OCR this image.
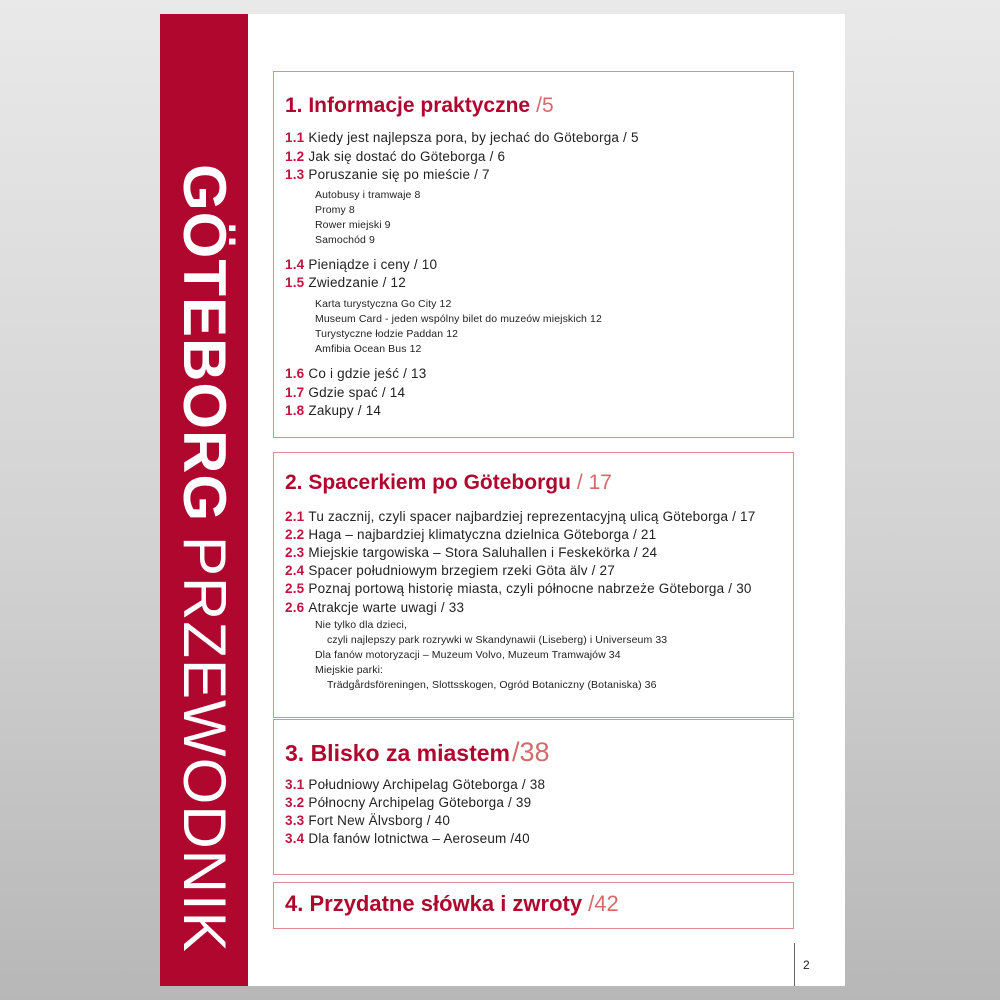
GÖTEBORGPRZEWODNIK
1. Informacje praktyczne /5
1.1 Kiedy jest najlepsza pora, by jechać do Göteborga / 5
1.2 Jak się dostać do Göteborga / 6
1.3 Poruszanie się po mieście / 7
Autobusy i tramwaje 8
Promy 8
Rower miejski 9
Samochód 9
1.4 Pieniądze i ceny / 10
1.5 Zwiedzanie / 12
Karta turystyczna Go City 12
Museum Card - jeden wspólny bilet do muzeów miejskich 12
Turystyczne łodzie Paddan 12
Amfibia Ocean Bus 12
1.6 Co i gdzie jeść / 13
1.7 Gdzie spać / 14
1.8 Zakupy / 14
2. Spacerkiem po Göteborgu / 17
2.1 Tu zacznij, czyli spacer najbardziej reprezentacyjną ulicą Göteborga / 17
2.2 Haga – najbardziej klimatyczna dzielnica Göteborga / 21
2.3 Miejskie targowiska – Stora Saluhallen i Feskekörka / 24
2.4 Spacer południowym brzegiem rzeki Göta älv / 27
2.5 Poznaj portową historię miasta, czyli północne nabrzeże Göteborga / 30
2.6 Atrakcje warte uwagi / 33
Nie tylko dla dzieci,
czyli najlepszy park rozrywki w Skandynawii (Liseberg) i Universeum 33
Dla fanów motoryzacji – Muzeum Volvo, Muzeum Tramwajów 34
Miejskie parki:
Trädgårdsföreningen, Slottsskogen, Ogród Botaniczny (Botaniska) 36
3. Blisko za miastem/38
3.1 Południowy Archipelag Göteborga / 38
3.2 Północny Archipelag Göteborga / 39
3.3 Fort New Älvsborg / 40
3.4 Dla fanów lotnictwa – Aeroseum /40
4. Przydatne słówka i zwroty /42
2
